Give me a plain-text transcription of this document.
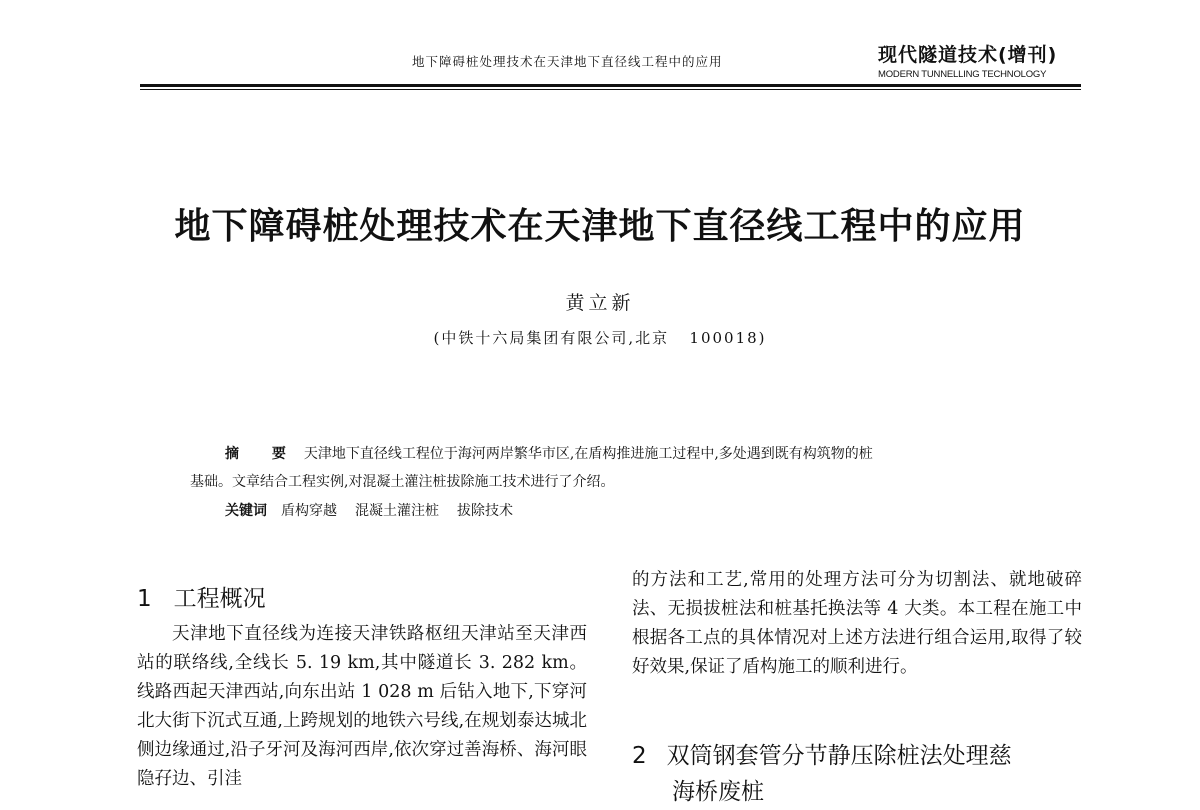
地下障碍桩处理技术在天津地下直径线工程中的应用	现代隧道技术(增刊)
MODERN TUNNELLING TECHNOLOGY
地下障碍桩处理技术在天津地下直径线工程中的应用
黄立新
(中铁十六局集团有限公司,北京   100018)
摘 要 天津地下直径线工程位于海河两岸繁华市区,在盾构推进施工过程中,多处遇到既有构筑物的桩
基础。文章结合工程实例,对混凝土灌注桩拔除施工技术进行了介绍。
关键词 盾构穿越 混凝土灌注桩 拔除技术
1 工程概况

天津地下直径线为连接天津铁路枢纽天津站至天津西站的联络线,全线长 5. 19 km,其中隧道长 3. 282 km。线路西起天津西站,向东出站 1 028 m 后钻入地下,下穿河北大街下沉式互通,上跨规划的地铁六号线,在规划泰达城北侧边缘通过,沿子牙河及海河西岸,依次穿过善海桥、海河眼隐孖边、引洼

的方法和工艺,常用的处理方法可分为切割法、就地破碎法、无损拔桩法和桩基托换法等 4 大类。本工程在施工中根据各工点的具体情况对上述方法进行组合运用,取得了较好效果,保证了盾构施工的顺利进行。

2 双筒钢套管分节静压除桩法处理慈
海桥废桩
